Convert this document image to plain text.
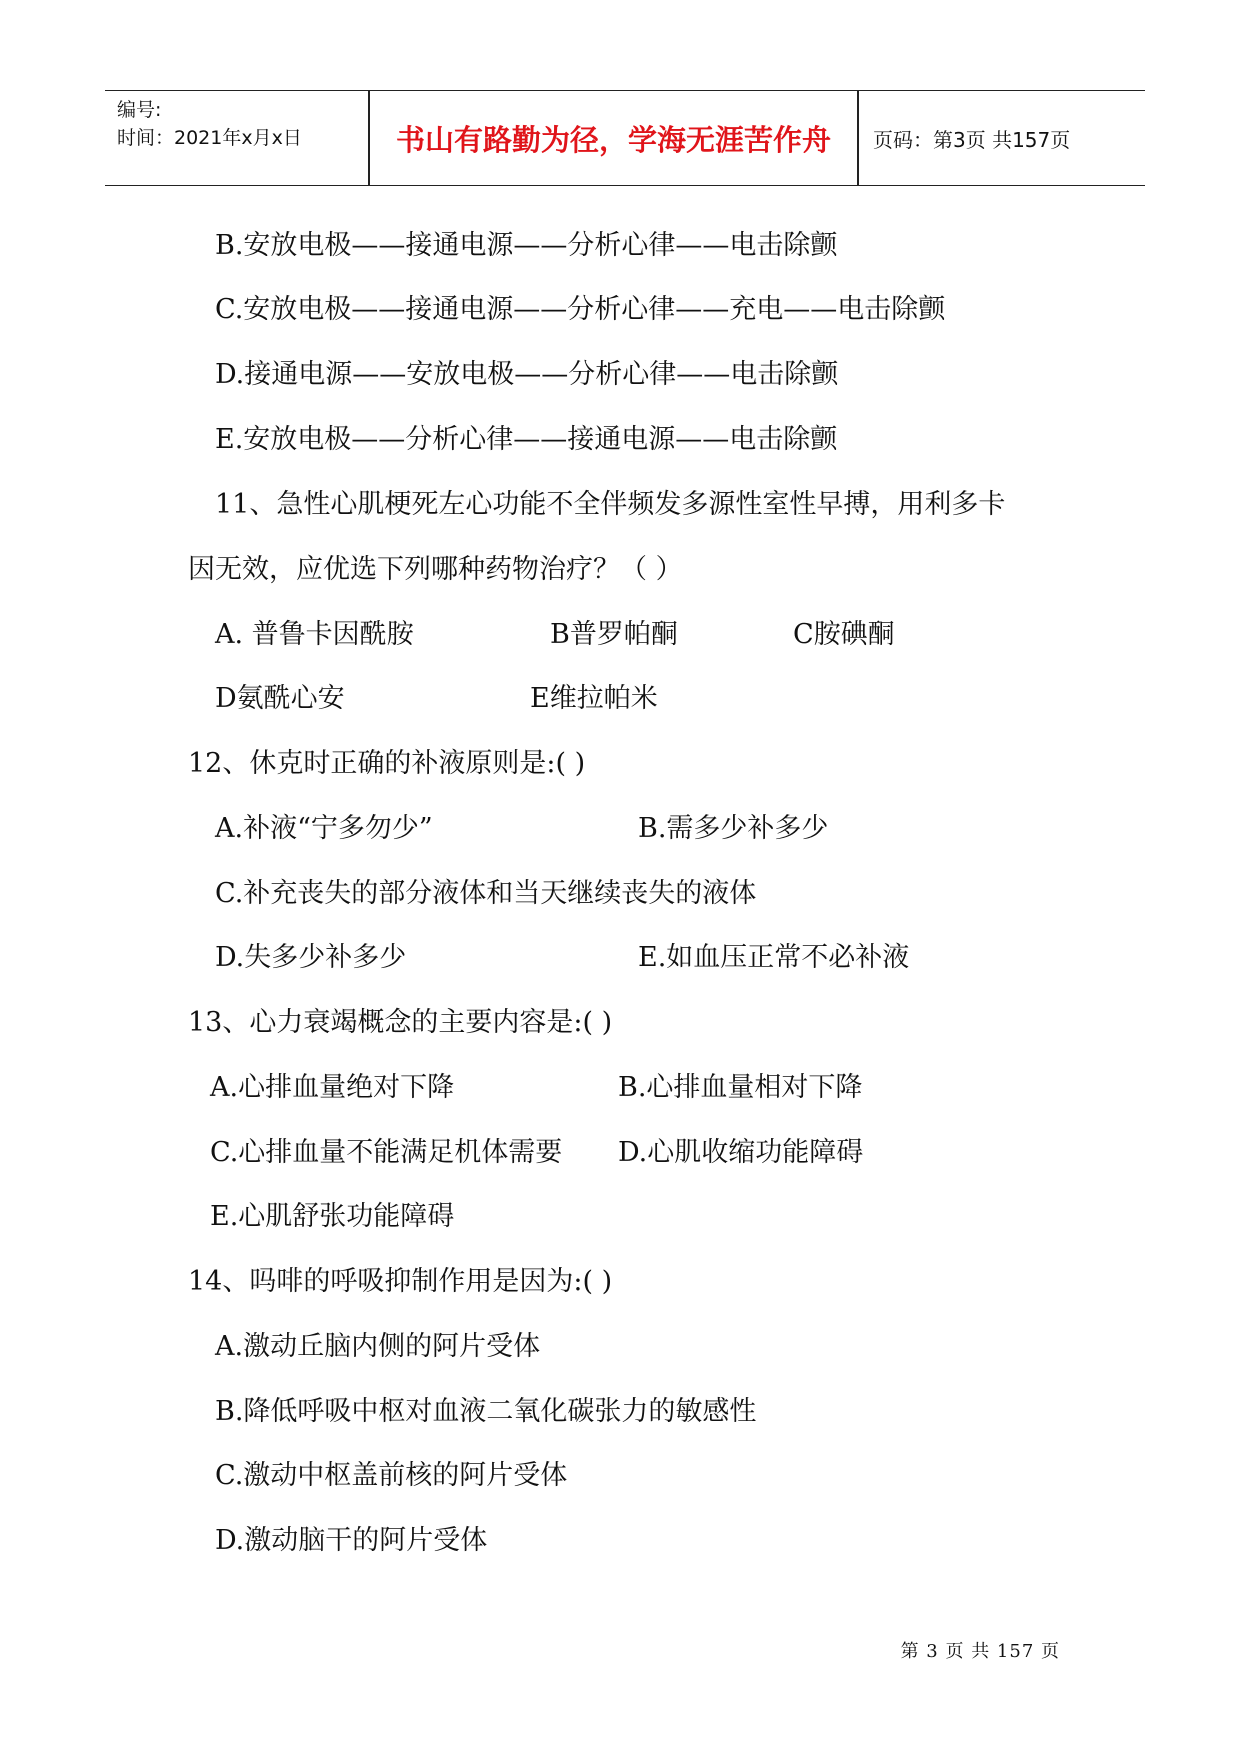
编号:
时间：2021年x月x日	书山有路勤为径，学海无涯苦作舟	页码：第3页 共157页
B.安放电极——接通电源——分析心律——电击除颤
C.安放电极——接通电源——分析心律——充电——电击除颤
D.接通电源——安放电极——分析心律——电击除颤
E.安放电极——分析心律——接通电源——电击除颤
11、急性心肌梗死左心功能不全伴频发多源性室性早搏，用利多卡
因无效，应优选下列哪种药物治疗？（ ）
A. 普鲁卡因酰胺	B普罗帕酮	C胺碘酮
D氨酰心安	E维拉帕米
12、休克时正确的补液原则是:( )
A.补液“宁多勿少”	B.需多少补多少
C.补充丧失的部分液体和当天继续丧失的液体
D.失多少补多少	E.如血压正常不必补液
13、心力衰竭概念的主要内容是:( )
A.心排血量绝对下降	B.心排血量相对下降
C.心排血量不能满足机体需要 D.心肌收缩功能障碍
E.心肌舒张功能障碍
14、吗啡的呼吸抑制作用是因为:( )
A.激动丘脑内侧的阿片受体
B.降低呼吸中枢对血液二氧化碳张力的敏感性
C.激动中枢盖前核的阿片受体
D.激动脑干的阿片受体
第 3 页 共 157 页
